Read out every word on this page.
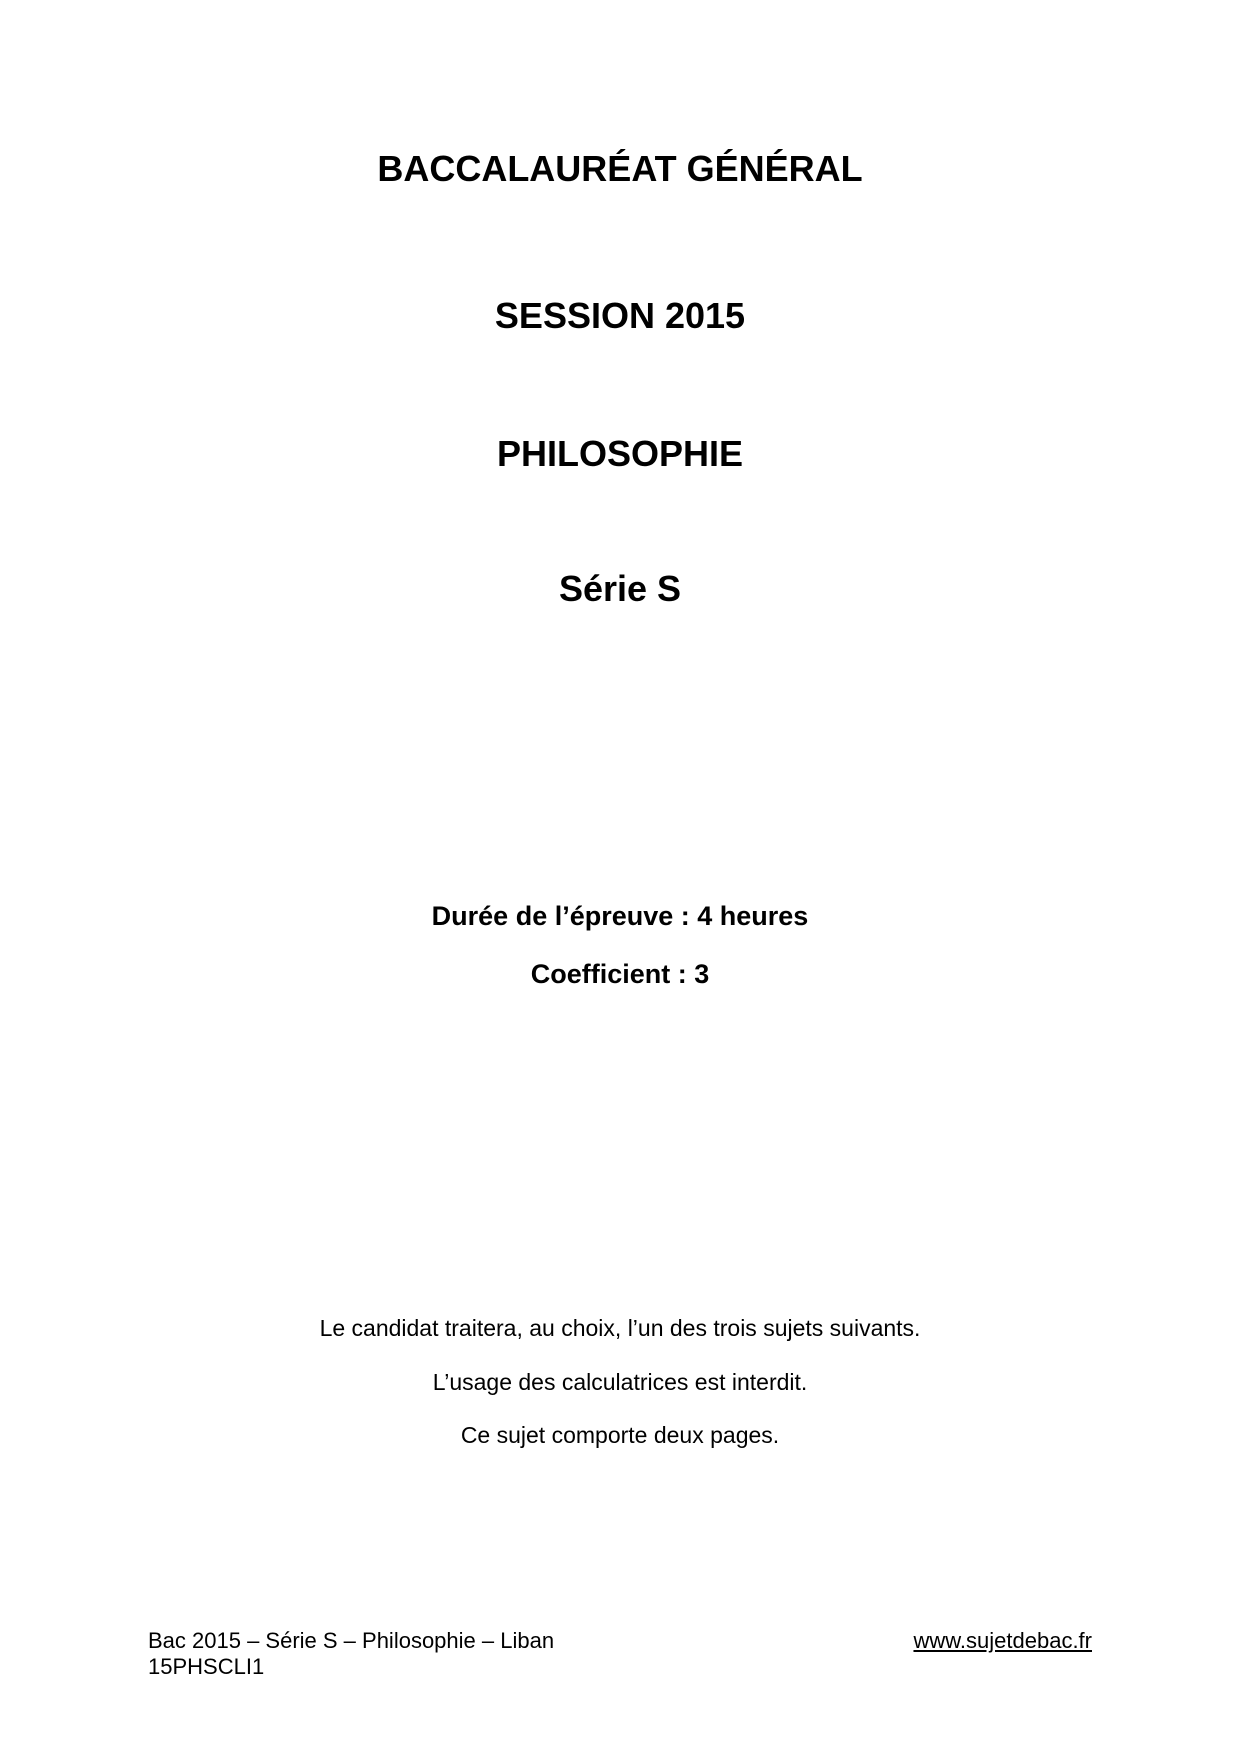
BACCALAURÉAT GÉNÉRAL
SESSION 2015
PHILOSOPHIE
Série S
Durée de l’épreuve : 4 heures
Coefficient : 3
Le candidat traitera, au choix, l’un des trois sujets suivants.
L’usage des calculatrices est interdit.
Ce sujet comporte deux pages.
Bac 2015 – Série S – Philosophie – Liban
15PHSCLI1
www.sujetdebac.fr
